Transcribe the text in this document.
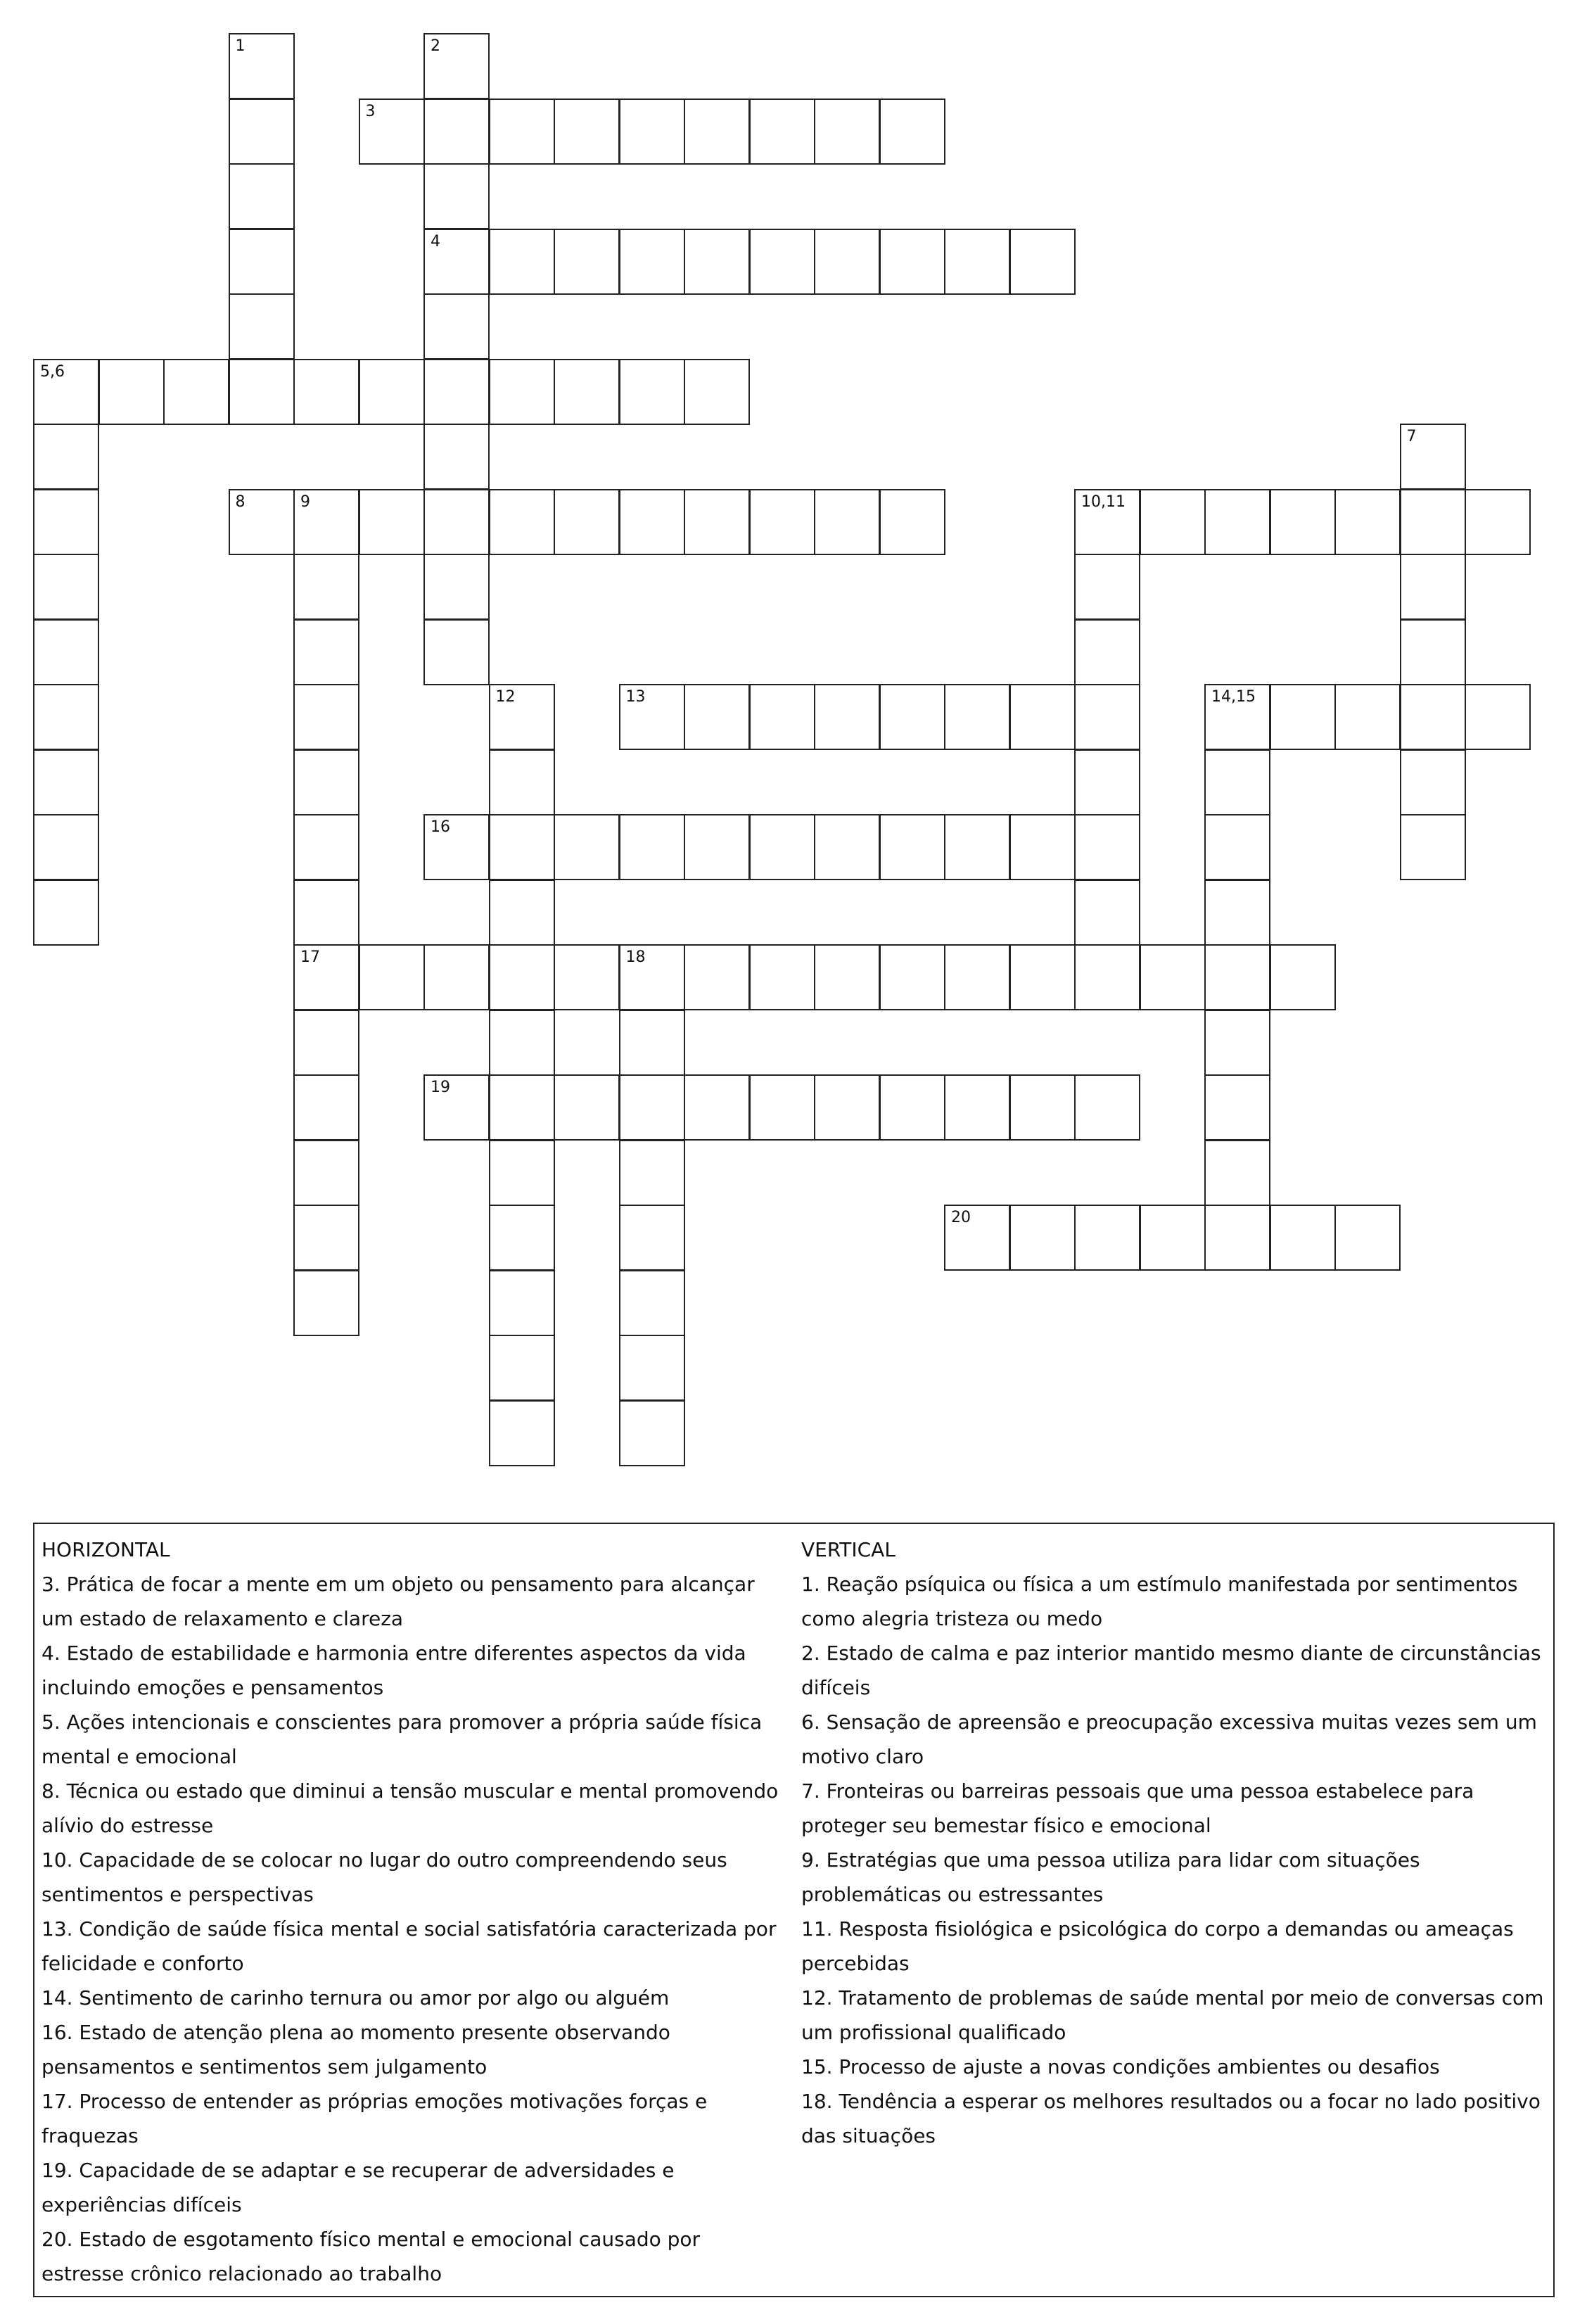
1	2
3
4
5,6
7
8	9	10,11
12	13	14,15
16
17	18
19
20

HORIZONTAL

3. Prática de focar a mente em um objeto ou pensamento para alcançar um estado de relaxamento e clareza

4. Estado de estabilidade e harmonia entre diferentes aspectos da vida incluindo emoções e pensamentos

5. Ações intencionais e conscientes para promover a própria saúde física mental e emocional

8. Técnica ou estado que diminui a tensão muscular e mental promovendo alívio do estresse

10. Capacidade de se colocar no lugar do outro compreendendo seus sentimentos e perspectivas

13. Condição de saúde física mental e social satisfatória caracterizada por felicidade e conforto

14. Sentimento de carinho ternura ou amor por algo ou alguém

16. Estado de atenção plena ao momento presente observando pensamentos e sentimentos sem julgamento

17. Processo de entender as próprias emoções motivações forças e fraquezas

19. Capacidade de se adaptar e se recuperar de adversidades e experiências difíceis

20. Estado de esgotamento físico mental e emocional causado por estresse crônico relacionado ao trabalho

VERTICAL

1. Reação psíquica ou física a um estímulo manifestada por sentimentos como alegria tristeza ou medo

2. Estado de calma e paz interior mantido mesmo diante de circunstâncias difíceis

6. Sensação de apreensão e preocupação excessiva muitas vezes sem um motivo claro

7. Fronteiras ou barreiras pessoais que uma pessoa estabelece para proteger seu bemestar físico e emocional

9. Estratégias que uma pessoa utiliza para lidar com situações problemáticas ou estressantes

11. Resposta fisiológica e psicológica do corpo a demandas ou ameaças percebidas

12. Tratamento de problemas de saúde mental por meio de conversas com um profissional qualificado

15. Processo de ajuste a novas condições ambientes ou desafios

18. Tendência a esperar os melhores resultados ou a focar no lado positivo das situações
